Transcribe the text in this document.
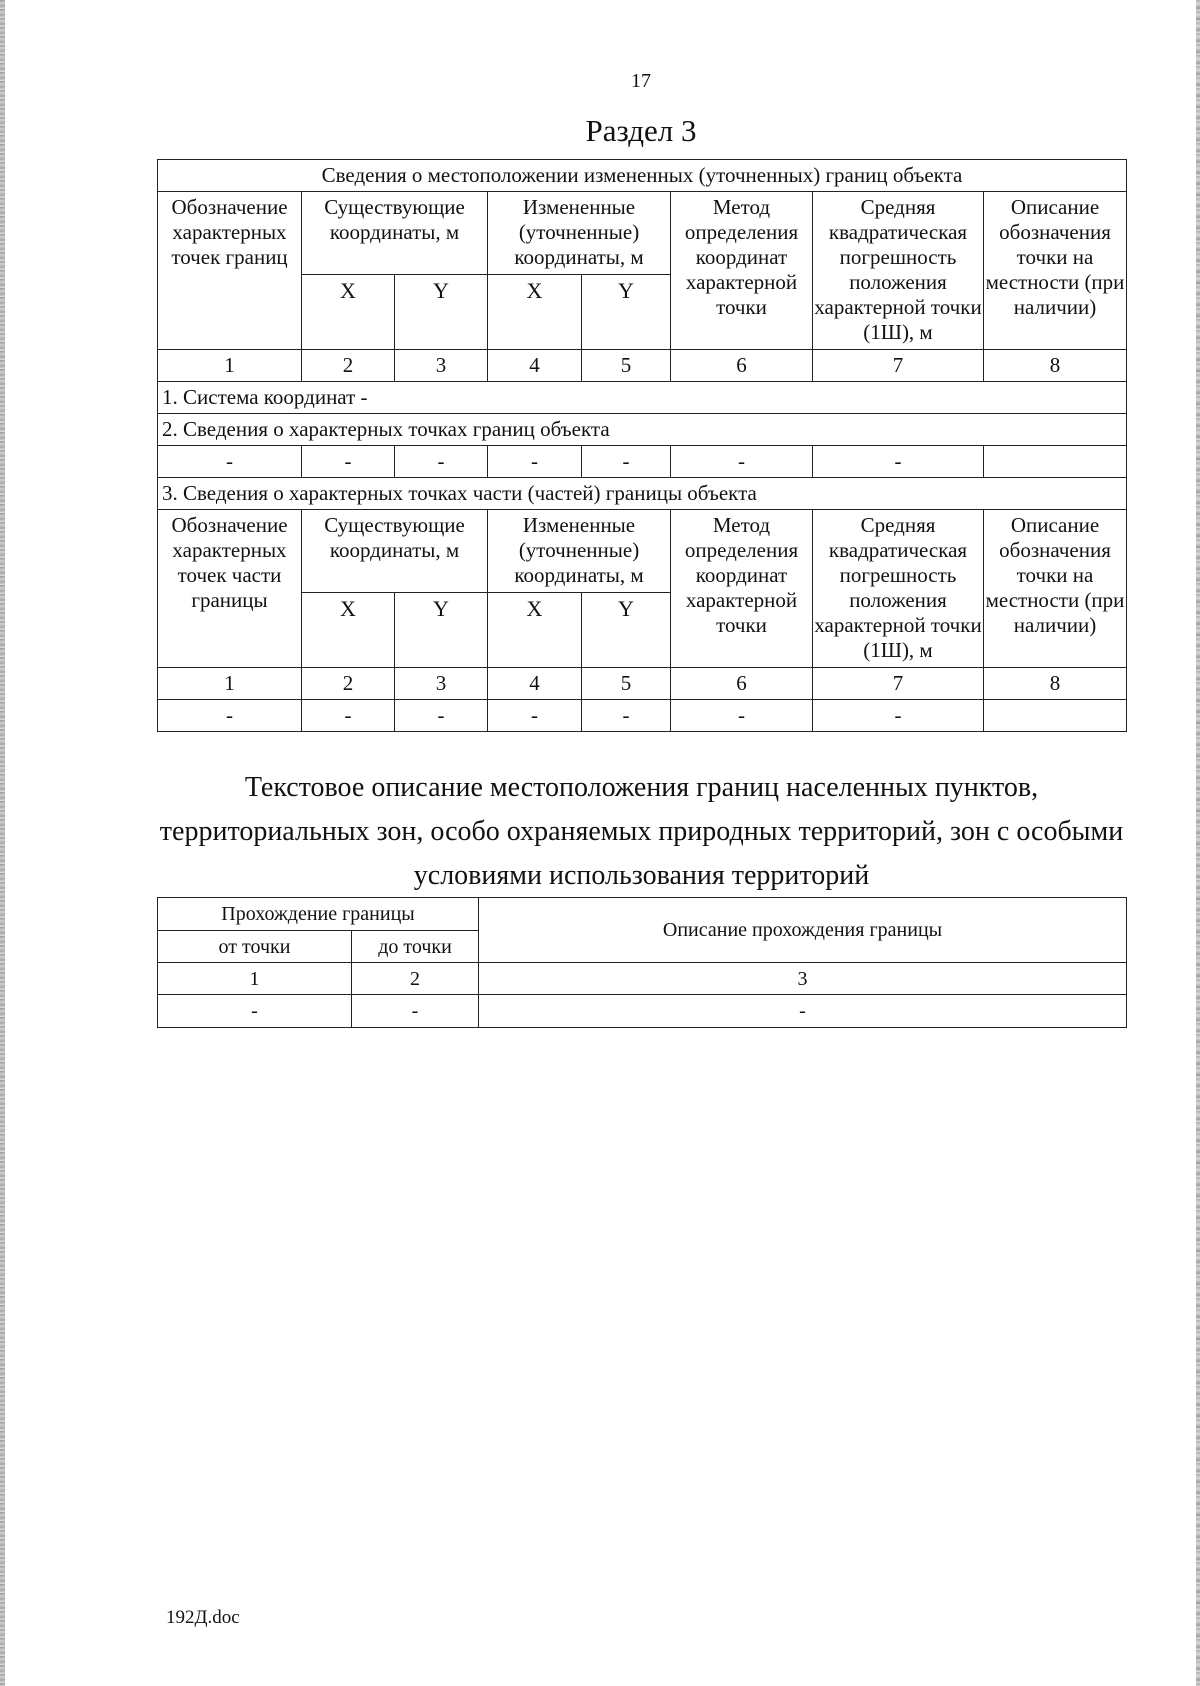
17
Раздел 3
Сведения о местоположении измененных (уточненных) границ объекта							
Обозначение характерных точек границ	Существующие координаты, м		Измененные (уточненные) координаты, м		Метод определения координат характерной точки	Средняя квадратическая погрешность положения характерной точки (1Ш), м	Описание обозначения точки на местности (при наличии)
	X	Y	X	Y			
1	2	3	4	5	6	7	8
1. Система координат -							
2. Сведения о характерных точках границ объекта							
-	-	-	-	-	-	-	
3. Сведения о характерных точках части (частей) границы объекта							
Обозначение характерных точек части границы	Существующие координаты, м		Измененные (уточненные) координаты, м		Метод определения координат характерной точки	Средняя квадратическая погрешность положения характерной точки (1Ш), м	Описание обозначения точки на местности (при наличии)
	X	Y	X	Y			
1	2	3	4	5	6	7	8
-	-	-	-	-	-	-	
Текстовое описание местоположения границ населенных пунктов, территориальных зон, особо охраняемых природных территорий, зон с особыми условиями использования территорий
Прохождение границы		Описание прохождения границы
от точки	до точки	
1	2	3
-	-	-
192Д.doc
